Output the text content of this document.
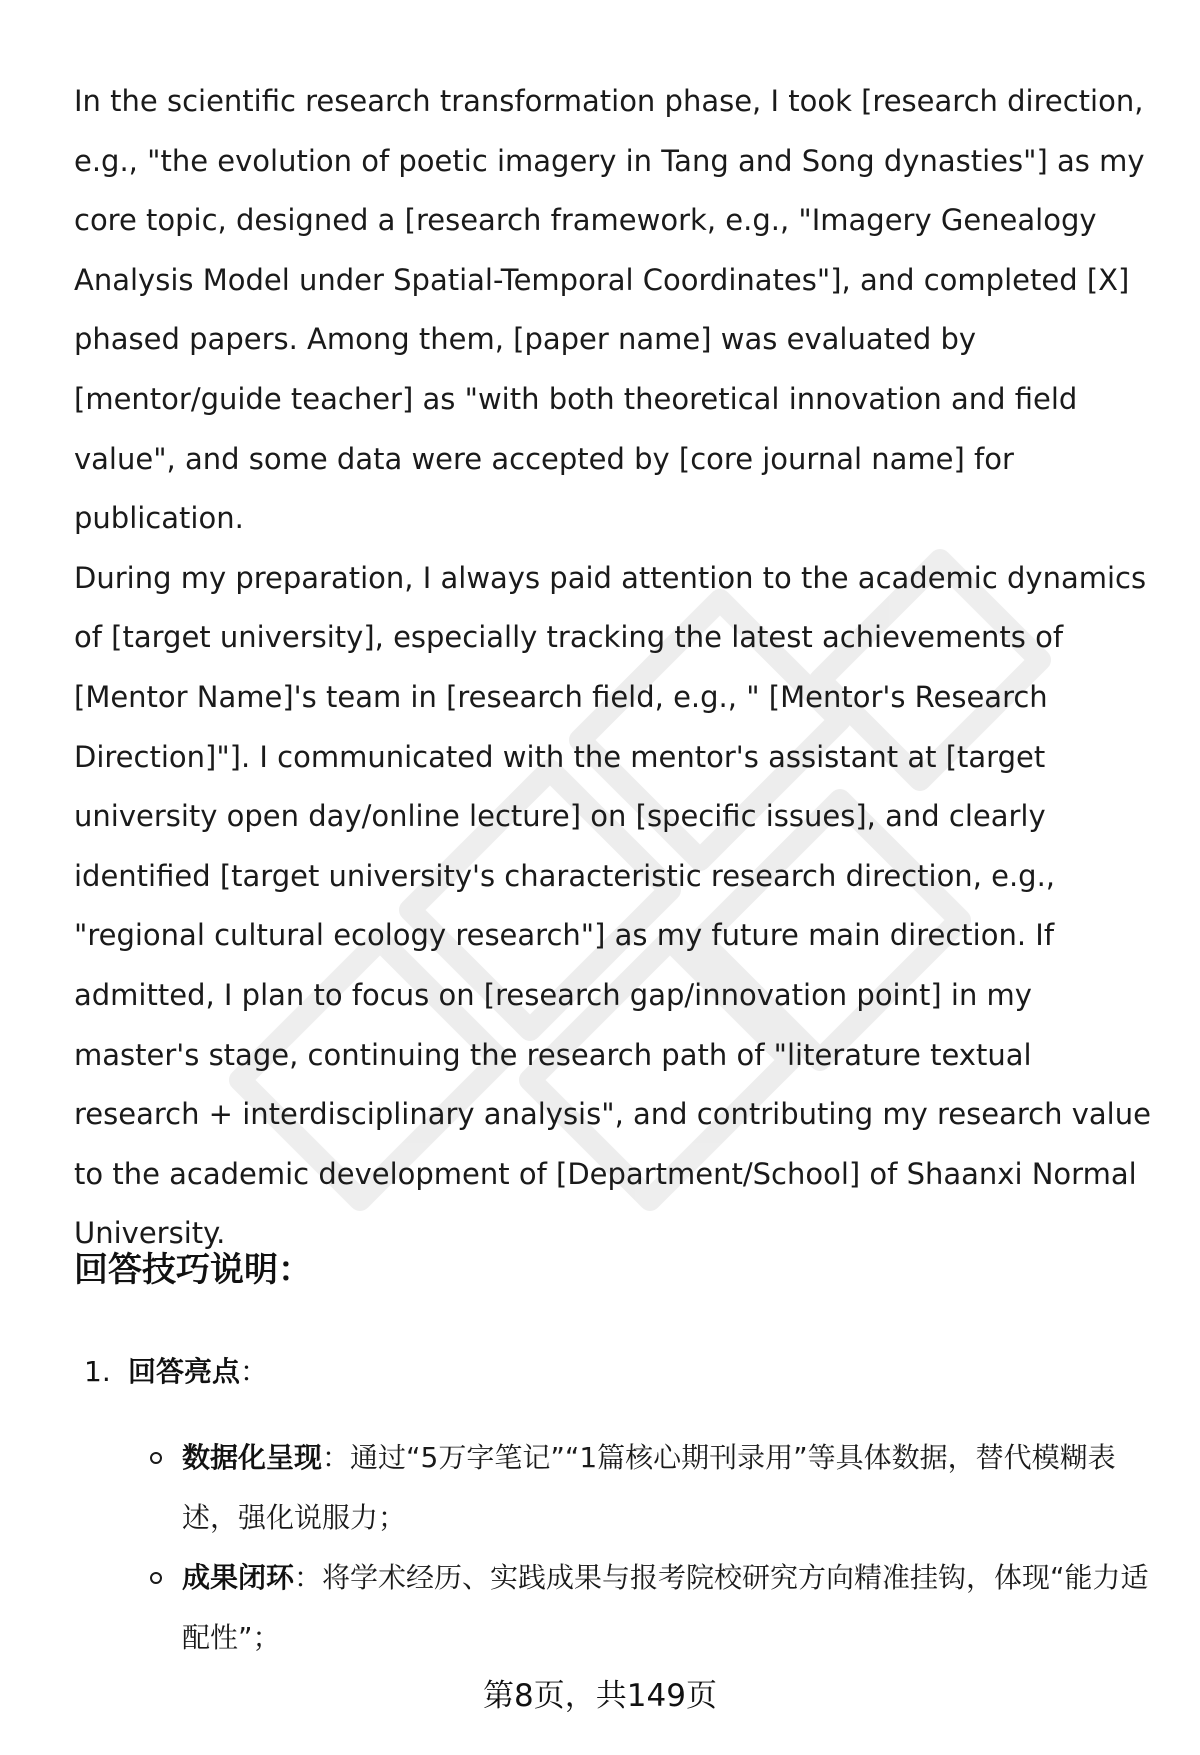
In the scientific research transformation phase, I took [research direction, e.g., "the evolution of poetic imagery in Tang and Song dynasties"] as my core topic, designed a [research framework, e.g., "Imagery Genealogy Analysis Model under Spatial-Temporal Coordinates"], and completed [X] phased papers. Among them, [paper name] was evaluated by [mentor/guide teacher] as "with both theoretical innovation and field value", and some data were accepted by [core journal name] for publication.

During my preparation, I always paid attention to the academic dynamics of [target university], especially tracking the latest achievements of [Mentor Name]'s team in [research field, e.g., " [Mentor's Research Direction]"]. I communicated with the mentor's assistant at [target university open day/online lecture] on [specific issues], and clearly identified [target university's characteristic research direction, e.g., "regional cultural ecology research"] as my future main direction. If admitted, I plan to focus on [research gap/innovation point] in my master's stage, continuing the research path of "literature textual research + interdisciplinary analysis", and contributing my research value to the academic development of [Department/School] of Shaanxi Normal University.

回答技巧说明：
1. 回答亮点：
数据化呈现：通过“5万字笔记”“1篇核心期刊录用”等具体数据，替代模糊表述，强化说服力；
成果闭环：将学术经历、实践成果与报考院校研究方向精准挂钩，体现“能力适配性”；
第8页，共149页
